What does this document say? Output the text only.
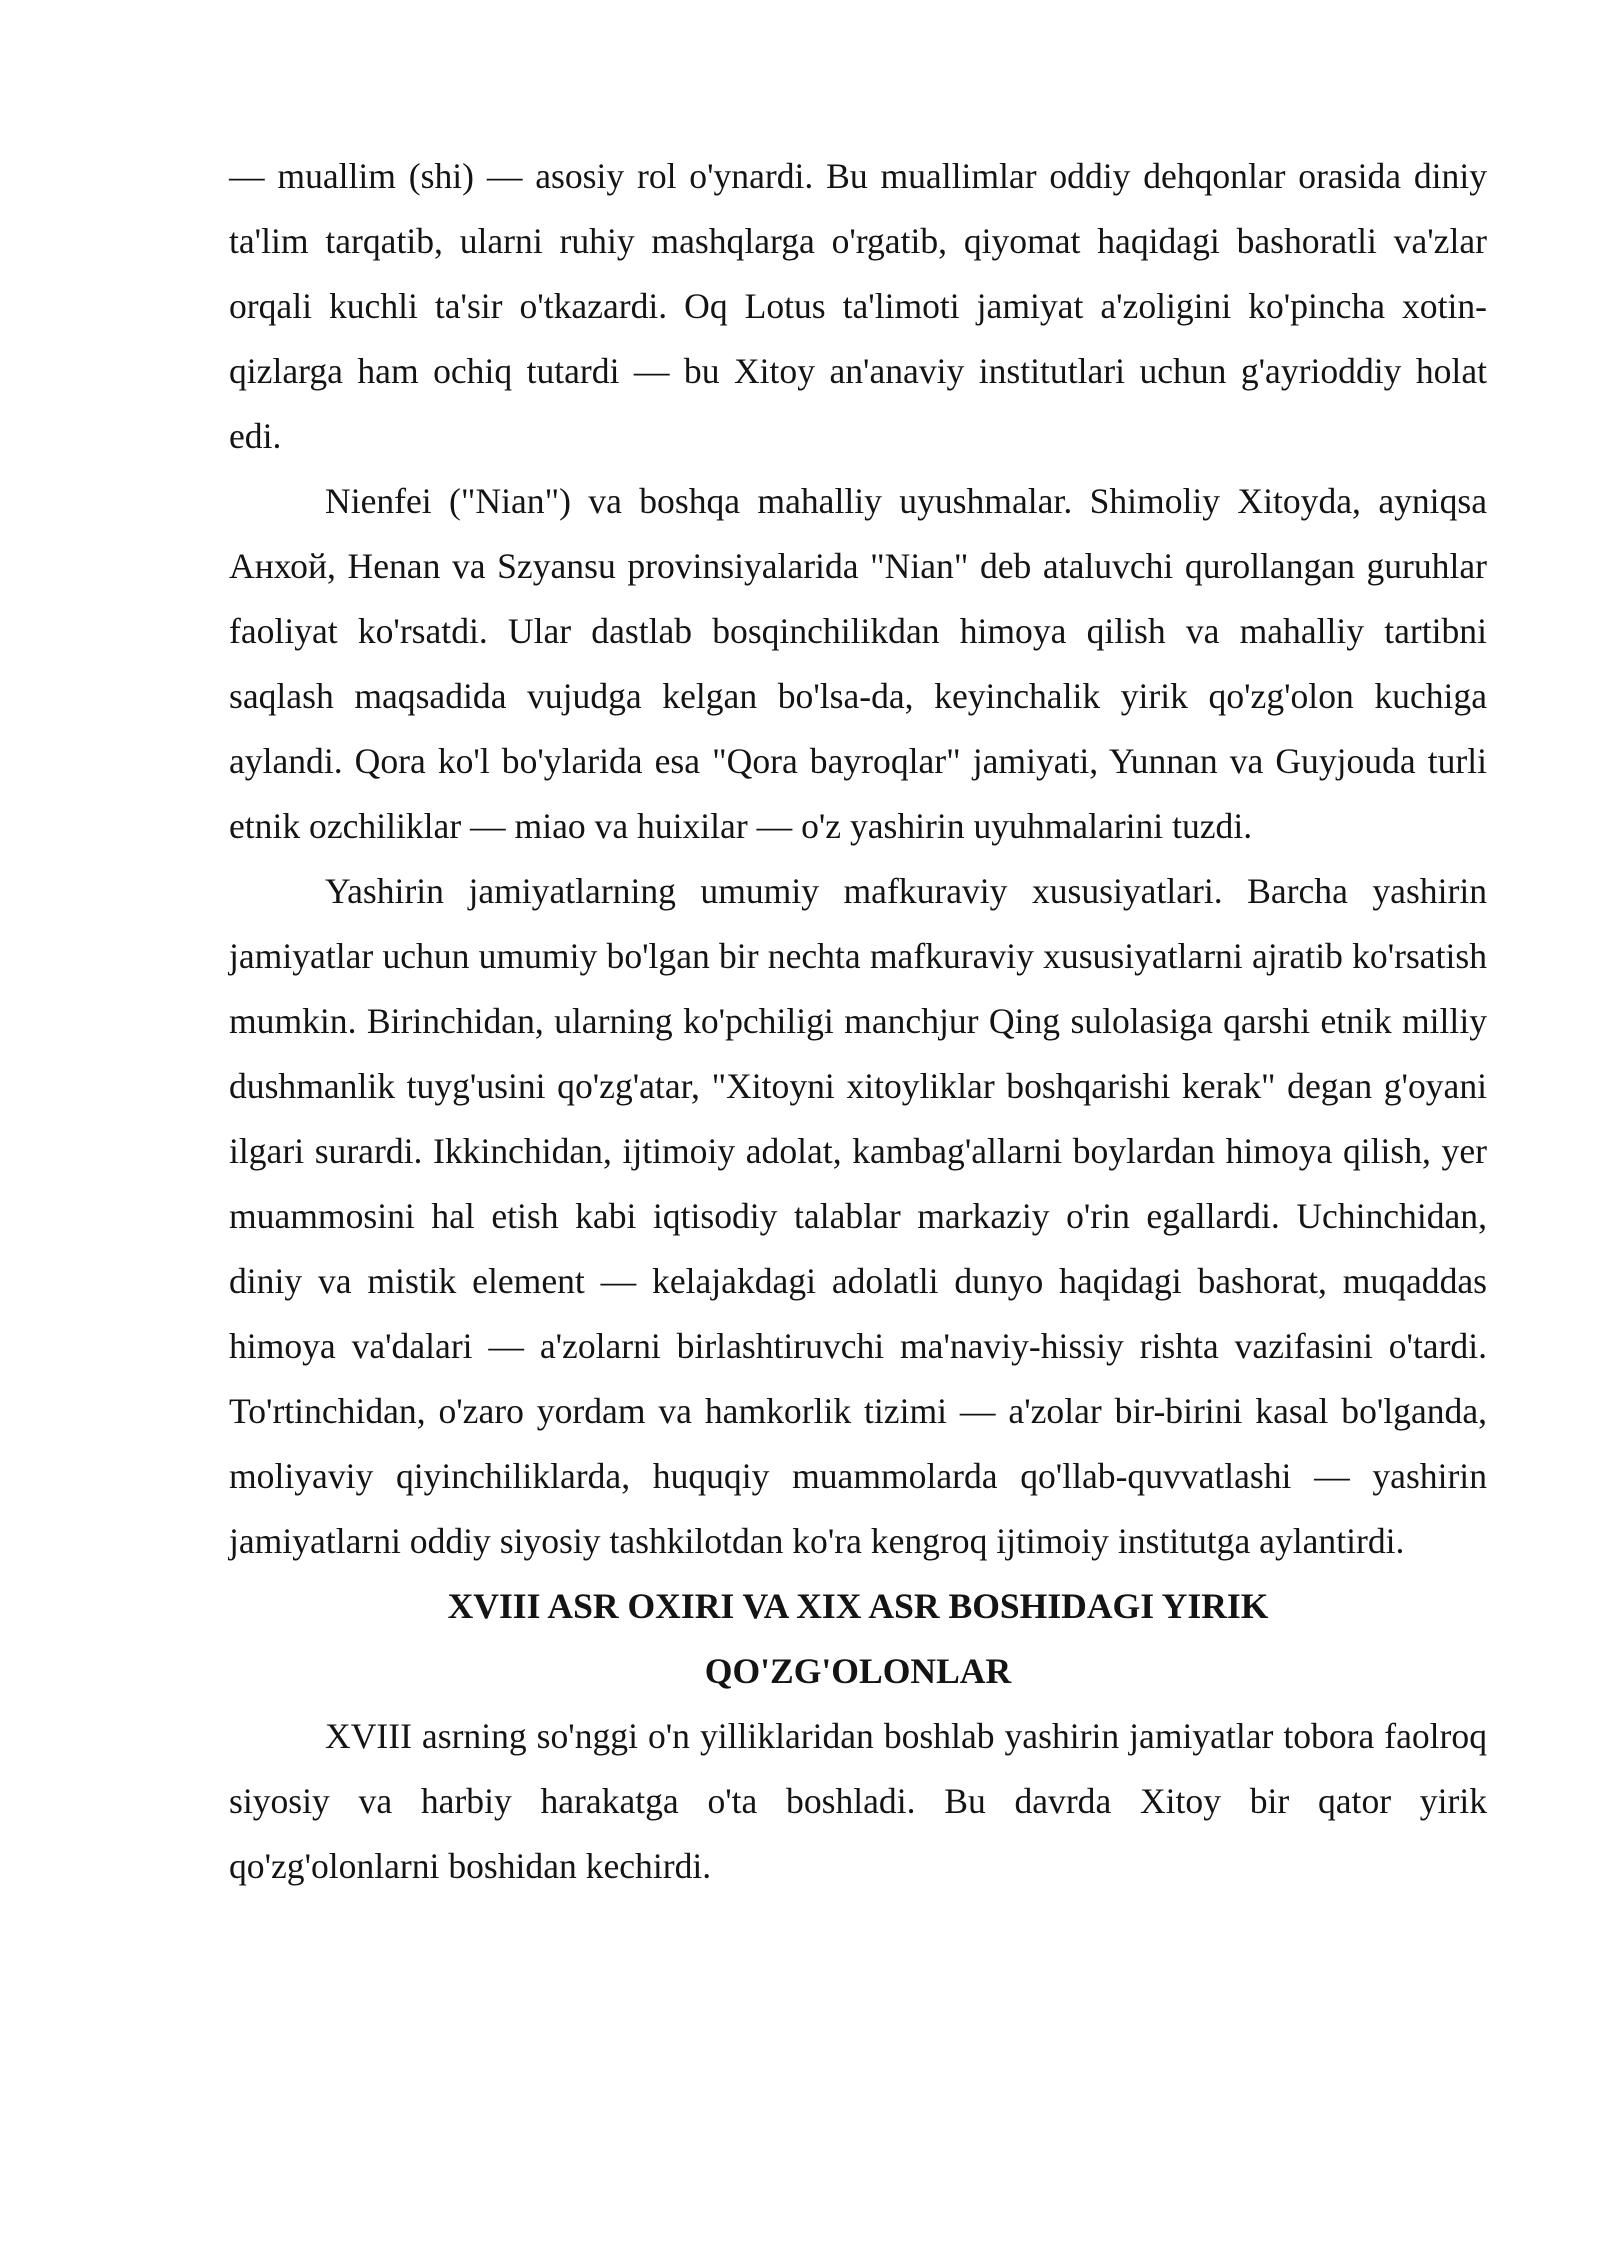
— muallim (shi) — asosiy rol o'ynardi. Bu muallimlar oddiy dehqonlar orasida diniy ta'lim tarqatib, ularni ruhiy mashqlarga o'rgatib, qiyomat haqidagi bashoratli va'zlar orqali kuchli ta'sir o'tkazardi. Oq Lotus ta'limoti jamiyat a'zoligini ko'pincha xotin-qizlarga ham ochiq tutardi — bu Xitoy an'anaviy institutlari uchun g'ayrioddiy holat edi.

Nienfei ("Nian") va boshqa mahalliy uyushmalar. Shimoliy Xitoyda, ayniqsa Анхой, Henan va Szyansu provinsiyalarida "Nian" deb ataluvchi qurollangan guruhlar faoliyat ko'rsatdi. Ular dastlab bosqinchilikdan himoya qilish va mahalliy tartibni saqlash maqsadida vujudga kelgan bo'lsa-da, keyinchalik yirik qo'zg'olon kuchiga aylandi. Qora ko'l bo'ylarida esa "Qora bayroqlar" jamiyati, Yunnan va Guyjouda turli etnik ozchiliklar — miao va huixilar — o'z yashirin uyuhmalarini tuzdi.

Yashirin jamiyatlarning umumiy mafkuraviy xususiyatlari. Barcha yashirin jamiyatlar uchun umumiy bo'lgan bir nechta mafkuraviy xususiyatlarni ajratib ko'rsatish mumkin. Birinchidan, ularning ko'pchiligi manchjur Qing sulolasiga qarshi etnik milliy dushmanlik tuyg'usini qo'zg'atar, "Xitoyni xitoyliklar boshqarishi kerak" degan g'oyani ilgari surardi. Ikkinchidan, ijtimoiy adolat, kambag'allarni boylardan himoya qilish, yer muammosini hal etish kabi iqtisodiy talablar markaziy o'rin egallardi. Uchinchidan, diniy va mistik element — kelajakdagi adolatli dunyo haqidagi bashorat, muqaddas himoya va'dalari — a'zolarni birlashtiruvchi ma'naviy-hissiy rishta vazifasini o'tardi. To'rtinchidan, o'zaro yordam va hamkorlik tizimi — a'zolar bir-birini kasal bo'lganda, moliyaviy qiyinchiliklarda, huquqiy muammolarda qo'llab-quvvatlashi — yashirin jamiyatlarni oddiy siyosiy tashkilotdan ko'ra kengroq ijtimoiy institutga aylantirdi.

XVIII ASR OXIRI VA XIX ASR BOSHIDAGI YIRIK
QO'ZG'OLONLAR

XVIII asrning so'nggi o'n yilliklaridan boshlab yashirin jamiyatlar tobora faolroq siyosiy va harbiy harakatga o'ta boshladi. Bu davrda Xitoy bir qator yirik qo'zg'olonlarni boshidan kechirdi.
